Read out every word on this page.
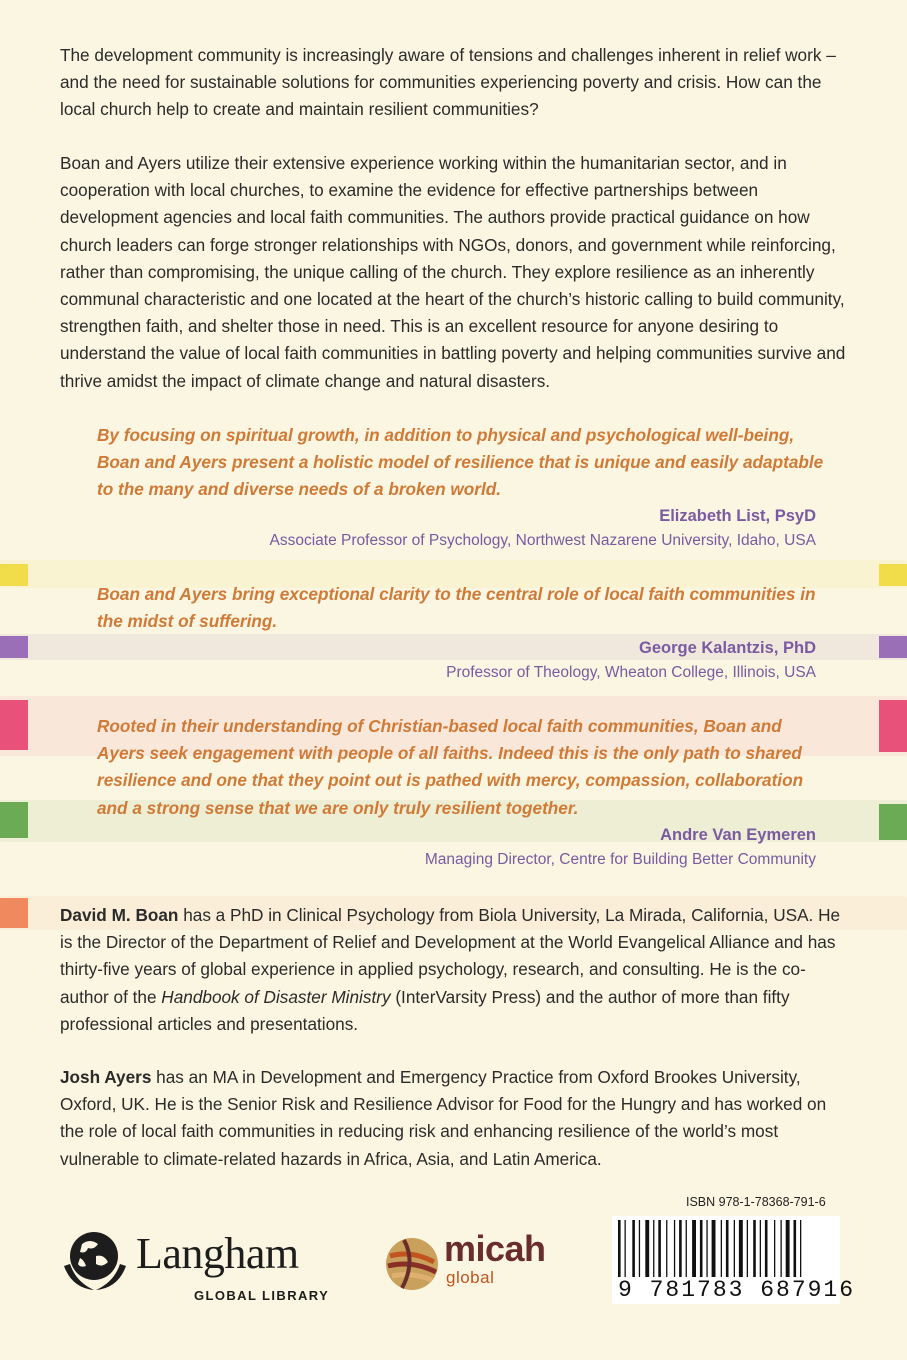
The development community is increasingly aware of tensions and challenges inherent in relief work – and the need for sustainable solutions for communities experiencing poverty and crisis. How can the local church help to create and maintain resilient communities?

Boan and Ayers utilize their extensive experience working within the humanitarian sector, and in cooperation with local churches, to examine the evidence for effective partnerships between development agencies and local faith communities. The authors provide practical guidance on how church leaders can forge stronger relationships with NGOs, donors, and government while reinforcing, rather than compromising, the unique calling of the church. They explore resilience as an inherently communal characteristic and one located at the heart of the church’s historic calling to build community, strengthen faith, and shelter those in need. This is an excellent resource for anyone desiring to understand the value of local faith communities in battling poverty and helping communities survive and thrive amidst the impact of climate change and natural disasters.

By focusing on spiritual growth, in addition to physical and psychological well-being, Boan and Ayers present a holistic model of resilience that is unique and easily adaptable to the many and diverse needs of a broken world.

Elizabeth List, PsyD
Associate Professor of Psychology, Northwest Nazarene University, Idaho, USA

Boan and Ayers bring exceptional clarity to the central role of local faith communities in the midst of suffering.

George Kalantzis, PhD
Professor of Theology, Wheaton College, Illinois, USA

Rooted in their understanding of Christian-based local faith communities, Boan and Ayers seek engagement with people of all faiths. Indeed this is the only path to shared resilience and one that they point out is pathed with mercy, compassion, collaboration and a strong sense that we are only truly resilient together.

Andre Van Eymeren
Managing Director, Centre for Building Better Community

David M. Boan has a PhD in Clinical Psychology from Biola University, La Mirada, California, USA. He is the Director of the Department of Relief and Development at the World Evangelical Alliance and has thirty-five years of global experience in applied psychology, research, and consulting. He is the co-author of the Handbook of Disaster Ministry (InterVarsity Press) and the author of more than fifty professional articles and presentations.

Josh Ayers has an MA in Development and Emergency Practice from Oxford Brookes University, Oxford, UK. He is the Senior Risk and Resilience Advisor for Food for the Hungry and has worked on the role of local faith communities in reducing risk and enhancing resilience of the world’s most vulnerable to climate-related hazards in Africa, Asia, and Latin America.

Langham
GLOBAL LIBRARY
micah
global
ISBN 978-1-78368-791-6
9 781783 687916
